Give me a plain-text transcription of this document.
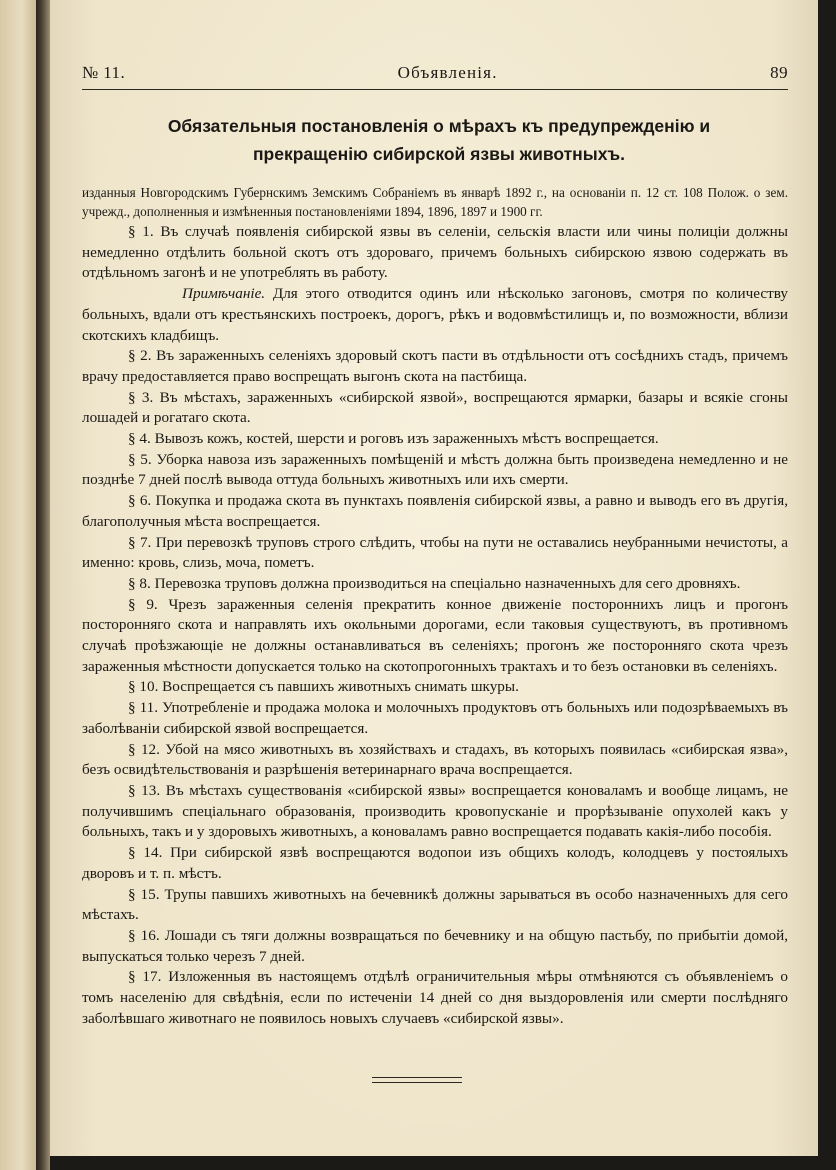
№ 11.	Объявленія.	89
Обязательныя постановленія о мѣрахъ къ предупрежденію и прекращенію сибирской язвы животныхъ.

изданныя Новгородскимъ Губернскимъ Земскимъ Собраніемъ въ январѣ 1892 г., на основаніи п. 12 ст. 108 Полож. о зем. учрежд., дополненныя и измѣненныя постановленіями 1894, 1896, 1897 и 1900 гг.

§ 1. Въ случаѣ появленія сибирской язвы въ селеніи, сельскія власти или чины полиціи должны немедленно отдѣлить больной скотъ отъ здороваго, причемъ больныхъ сибирскою язвою содержать въ отдѣльномъ загонѣ и не употреблять въ работу.

Примѣчаніе. Для этого отводится одинъ или нѣсколько загоновъ, смотря по количеству больныхъ, вдали отъ крестьянскихъ построекъ, дорогъ, рѣкъ и водовмѣстилищъ и, по возможности, вблизи скотскихъ кладбищъ.

§ 2. Въ зараженныхъ селеніяхъ здоровый скотъ пасти въ отдѣльности отъ сосѣднихъ стадъ, причемъ врачу предоставляется право воспрещать выгонъ скота на пастбища.

§ 3. Въ мѣстахъ, зараженныхъ «сибирской язвой», воспрещаются ярмарки, базары и всякіе сгоны лошадей и рогатаго скота.

§ 4. Вывозъ кожъ, костей, шерсти и роговъ изъ зараженныхъ мѣстъ воспрещается.

§ 5. Уборка навоза изъ зараженныхъ помѣщеній и мѣстъ должна быть произведена немедленно и не позднѣе 7 дней послѣ вывода оттуда больныхъ животныхъ или ихъ смерти.

§ 6. Покупка и продажа скота въ пунктахъ появленія сибирской язвы, а равно и выводъ его въ другія, благополучныя мѣста воспрещается.

§ 7. При перевозкѣ труповъ строго слѣдить, чтобы на пути не оставались неубранными нечистоты, а именно: кровь, слизь, моча, пометъ.

§ 8. Перевозка труповъ должна производиться на спеціально назначенныхъ для сего дровняхъ.

§ 9. Чрезъ зараженныя селенія прекратить конное движеніе постороннихъ лицъ и прогонъ посторонняго скота и направлять ихъ окольными дорогами, если таковыя существуютъ, въ противномъ случаѣ проѣзжающіе не должны останавливаться въ селеніяхъ; прогонъ же посторонняго скота чрезъ зараженныя мѣстности допускается только на скотопрогонныхъ трактахъ и то безъ остановки въ селеніяхъ.

§ 10. Воспрещается съ павшихъ животныхъ снимать шкуры.

§ 11. Употребленіе и продажа молока и молочныхъ продуктовъ отъ больныхъ или подозрѣваемыхъ въ заболѣваніи сибирской язвой воспрещается.

§ 12. Убой на мясо животныхъ въ хозяйствахъ и стадахъ, въ которыхъ появилась «сибирская язва», безъ освидѣтельствованія и разрѣшенія ветеринарнаго врача воспрещается.

§ 13. Въ мѣстахъ существованія «сибирской язвы» воспрещается коноваламъ и вообще лицамъ, не получившимъ спеціальнаго образованія, производить кровопусканіе и прорѣзываніе опухолей какъ у больныхъ, такъ и у здоровыхъ животныхъ, а коноваламъ равно воспрещается подавать какія-либо пособія.

§ 14. При сибирской язвѣ воспрещаются водопои изъ общихъ колодъ, колодцевъ у постоялыхъ дворовъ и т. п. мѣстъ.

§ 15. Трупы павшихъ животныхъ на бечевникѣ должны зарываться въ особо назначенныхъ для сего мѣстахъ.

§ 16. Лошади съ тяги должны возвращаться по бечевнику и на общую пастьбу, по прибытіи домой, выпускаться только черезъ 7 дней.

§ 17. Изложенныя въ настоящемъ отдѣлѣ ограничительныя мѣры отмѣняются съ объявленіемъ о томъ населенію для свѣдѣнія, если по истеченіи 14 дней со дня выздоровленія или смерти послѣдняго заболѣвшаго животнаго не появилось новыхъ случаевъ «сибирской язвы».
